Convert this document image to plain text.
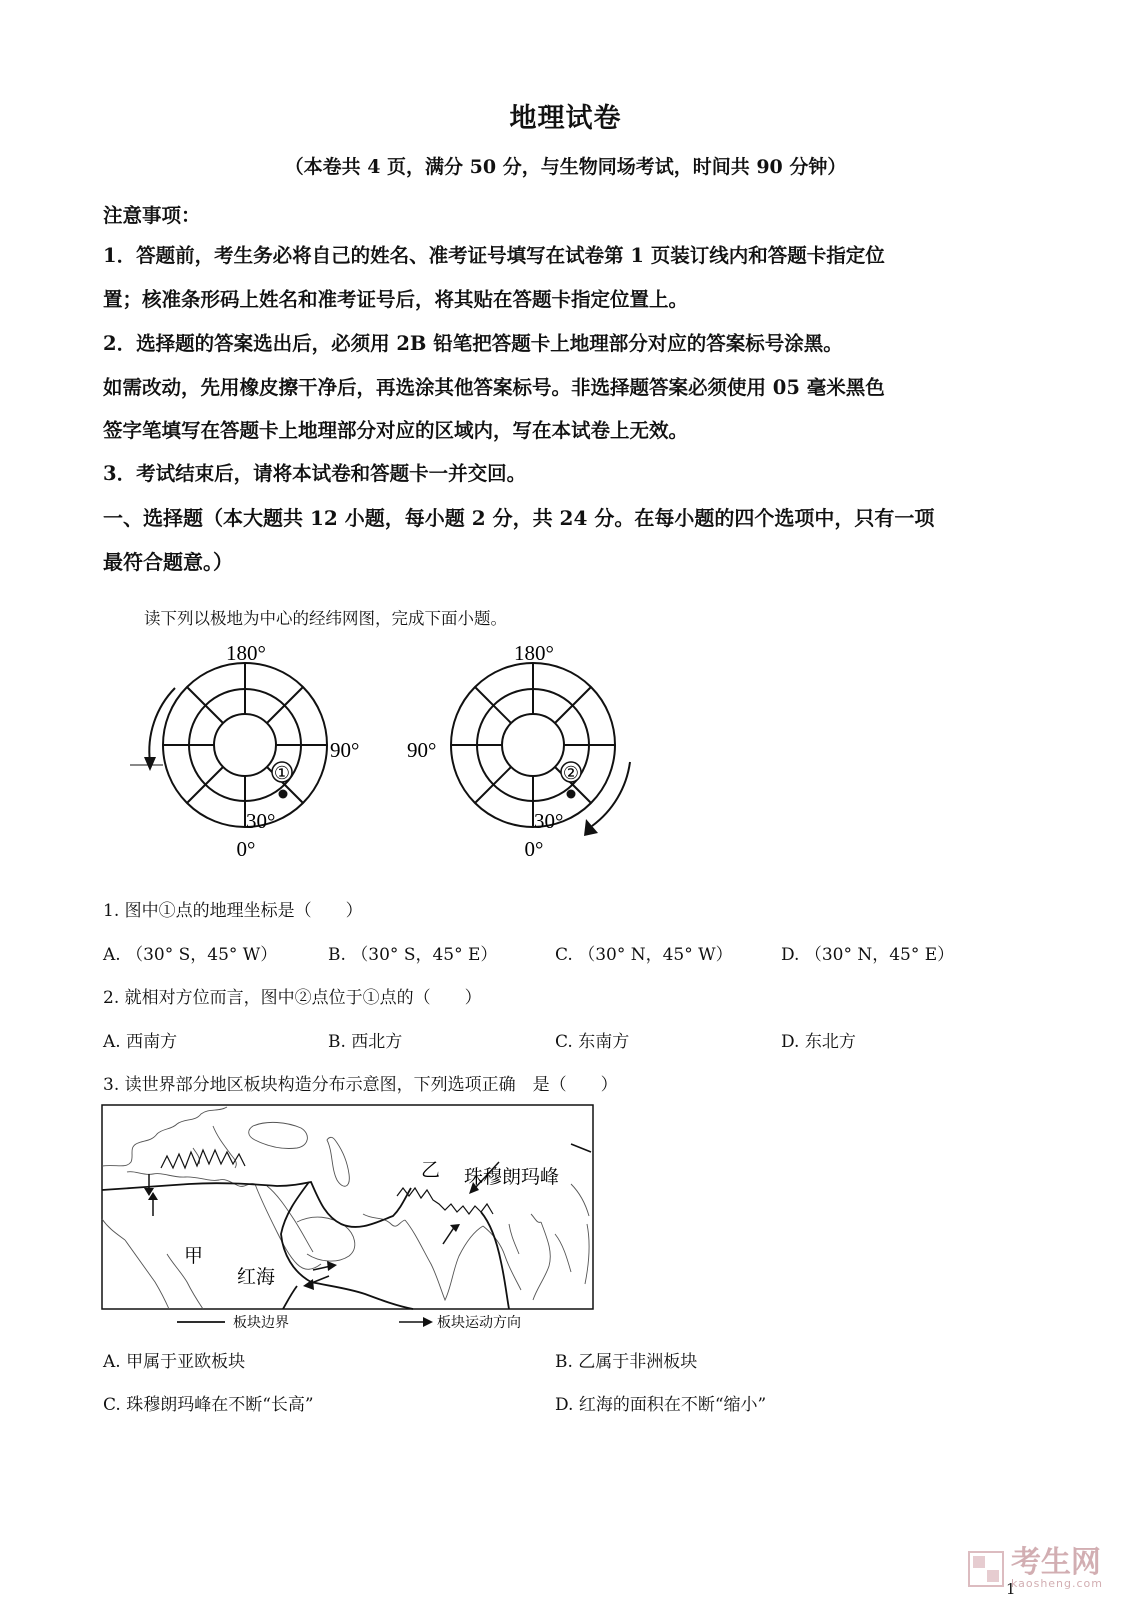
地理试卷
（本卷共 4 页，满分 50 分，与生物同场考试，时间共 90 分钟）
注意事项：
1．答题前，考生务必将自己的姓名、准考证号填写在试卷第 1 页装订线内和答题卡指定位
置；核准条形码上姓名和准考证号后，将其贴在答题卡指定位置上。
2．选择题的答案选出后，必须用 2B 铅笔把答题卡上地理部分对应的答案标号涂黑。
如需改动，先用橡皮擦干净后，再选涂其他答案标号。非选择题答案必须使用 05 毫米黑色
签字笔填写在答题卡上地理部分对应的区域内，写在本试卷上无效。
3．考试结束后，请将本试卷和答题卡一并交回。
一、选择题（本大题共 12 小题，每小题 2 分，共 24 分。在每小题的四个选项中，只有一项
最符合题意。）
读下列以极地为中心的经纬网图，完成下面小题。
①
180°
90°
30°
0°
②
180°
90°
30°
0°
1. 图中①点的地理坐标是（　　）
A. （30° S，45° W）	B. （30° S，45° E）	C. （30° N，45° W）	D. （30° N，45° E）
2. 就相对方位而言，图中②点位于①点的（　　）
A. 西南方	B. 西北方	C. 东南方	D. 东北方
3. 读世界部分地区板块构造分布示意图，下列选项正确　是（　　）
甲
乙
红海
珠穆朗玛峰
板块边界	板块运动方向
A. 甲属于亚欧板块	B. 乙属于非洲板块
C. 珠穆朗玛峰在不断“长高”	D. 红海的面积在不断“缩小”
考生网
kaosheng.com
1
